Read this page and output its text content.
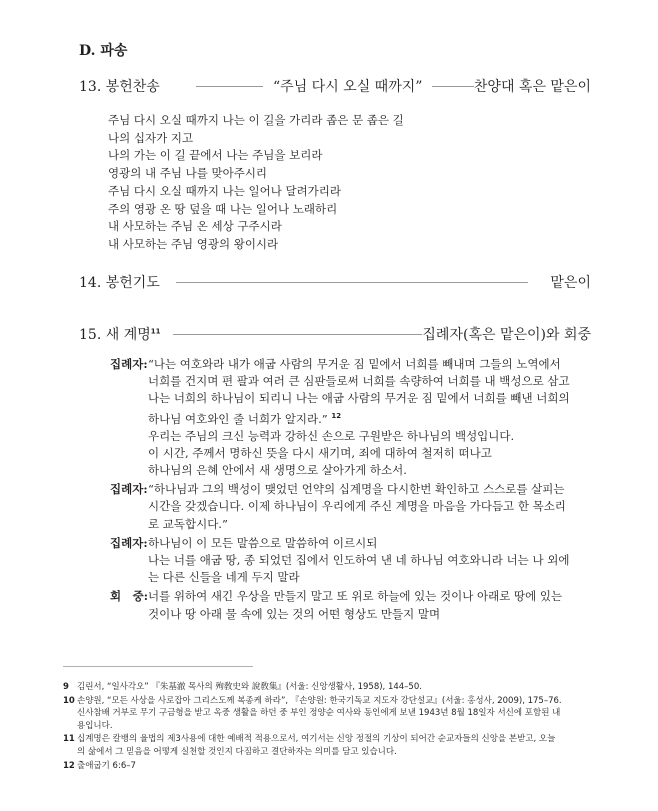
D. 파송
13. 봉헌찬송	“주님 다시 오실 때까지”	찬양대 혹은 맡은이
주님 다시 오실 때까지 나는 이 길을 가리라 좁은 문 좁은 길
나의 십자가 지고
나의 가는 이 길 끝에서 나는 주님을 보리라
영광의 내 주님 나를 맞아주시리
주님 다시 오실 때까지 나는 일어나 달려가리라
주의 영광 온 땅 덮을 때 나는 일어나 노래하리
내 사모하는 주님 온 세상 구주시라
내 사모하는 주님 영광의 왕이시라
14. 봉헌기도	맡은이
15. 새 계명$^{11}$	집례자(혹은 맡은이)와 회중
집례자: “나는 여호와라 내가 애굽 사람의 무거운 짐 밑에서 너희를 빼내며 그들의 노역에서
너희를 건지며 편 팔과 여러 큰 심판들로써 너희를 속량하여 너희를 내 백성으로 삼고
나는 너희의 하나님이 되리니 나는 애굽 사람의 무거운 짐 밑에서 너희를 빼낸 너희의
하나님 여호와인 줄 너희가 알지라.” $^{12}$
우리는 주님의 크신 능력과 강하신 손으로 구원받은 하나님의 백성입니다.
이 시간, 주께서 명하신 뜻을 다시 새기며, 죄에 대하여 철저히 떠나고
하나님의 은혜 안에서 새 생명으로 살아가게 하소서.
집례자: “하나님과 그의 백성이 맺었던 언약의 십계명을 다시한번 확인하고 스스로를 살피는
시간을 갖겠습니다. 이제 하나님이 우리에게 주신 계명을 마음을 가다듬고 한 목소리
로 교독합시다.”
집례자: 하나님이 이 모든 말씀으로 말씀하여 이르시되
나는 너를 애굽 땅, 종 되었던 집에서 인도하여 낸 네 하나님 여호와니라 너는 나 외에
는 다른 신들을 네게 두지 말라
회　중: 너를 위하여 새긴 우상을 만들지 말고 또 위로 하늘에 있는 것이나 아래로 땅에 있는
것이나 땅 아래 물 속에 있는 것의 어떤 형상도 만들지 말며
9 김린서, “일사각오” 『朱基澈 목사의 殉敎史와 說敎集』(서울: 신앙생활사, 1958), 144–50.
10 손양원, “모든 사상을 사로잡아 그리스도께 복종케 하라”, 『손양원: 한국기독교 지도자 강단설교』(서울: 홍성사, 2009), 175–76.
신사참배 거부로 무기 구금형을 받고 옥중 생활을 하던 중 부인 정양순 여사와 동인에게 보낸 1943년 8월 18일자 서신에 포함된 내
용입니다.
11 십계명은 칼뱅의 율법의 제3사용에 대한 예배적 적용으로서, 여기서는 신앙 정절의 기상이 되어간 순교자들의 신앙을 본받고, 오늘
의 삶에서 그 믿음을 어떻게 실천할 것인지 다짐하고 결단하자는 의미를 담고 있습니다.
12 출애굽기 6:6–7
